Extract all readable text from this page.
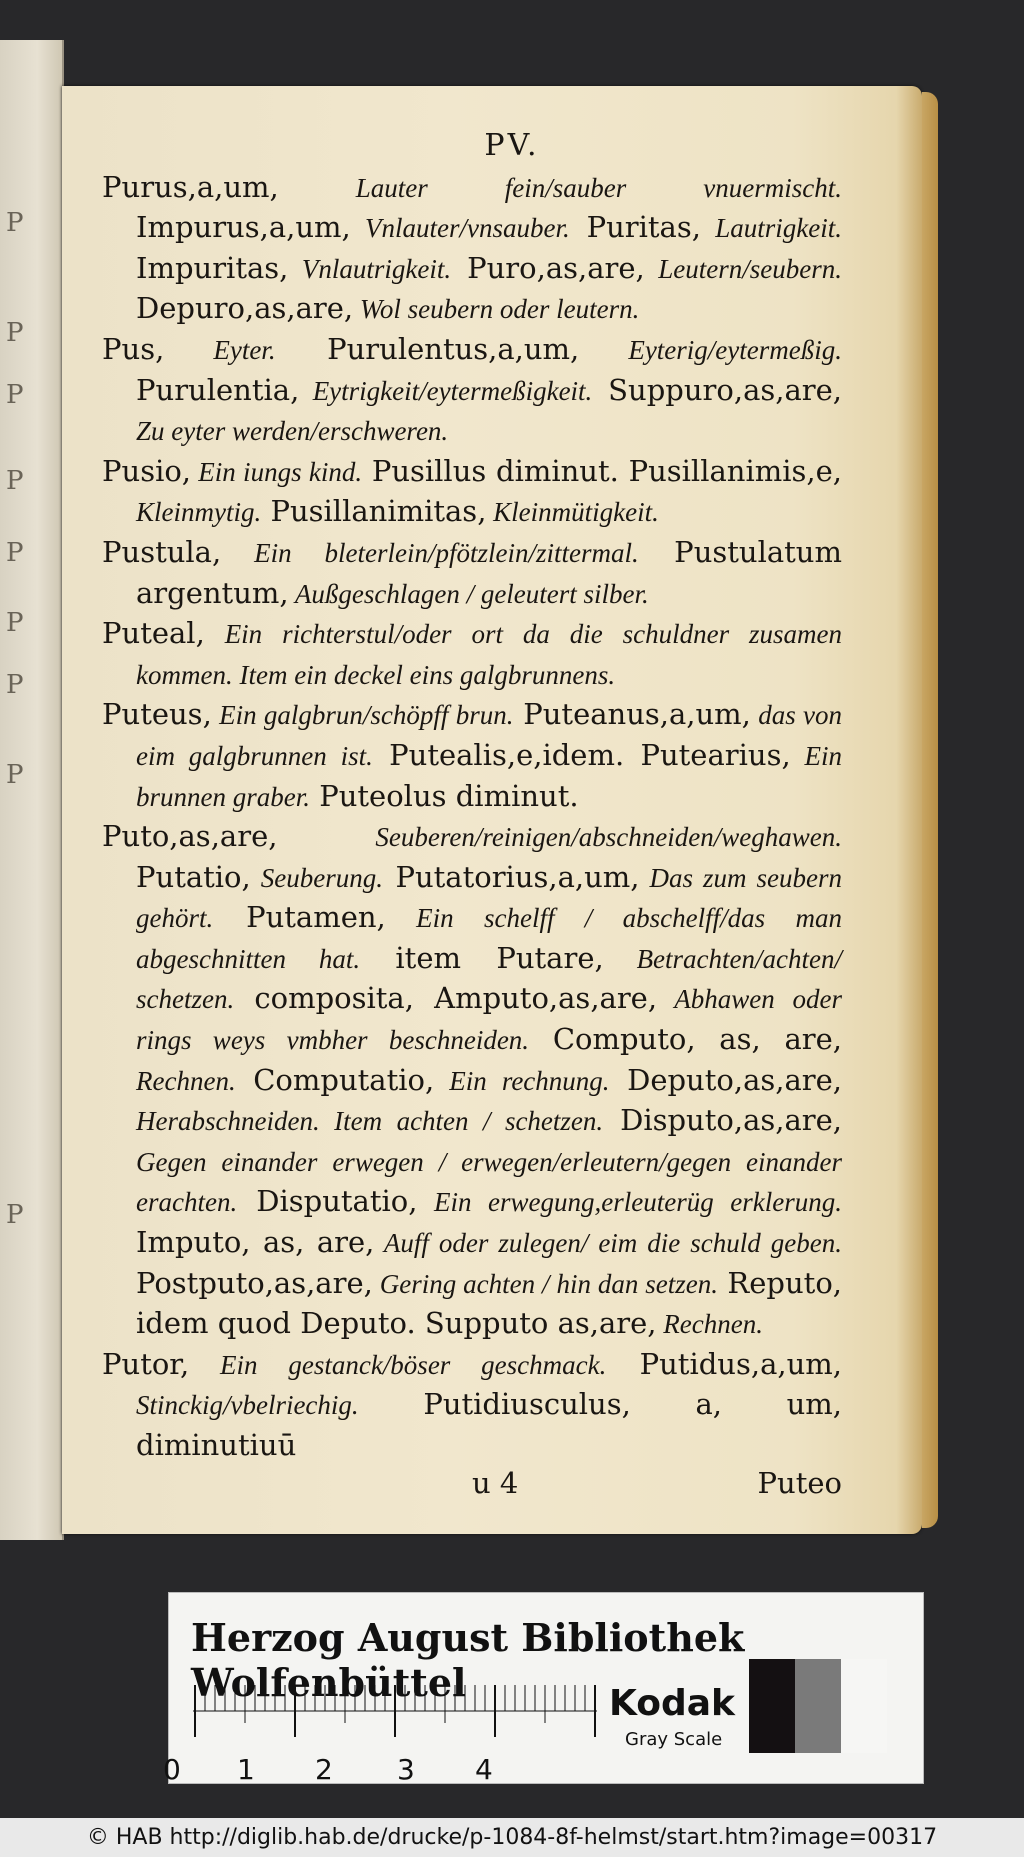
P
P
P
P
P
P
P
P
P
PV.

Purus,a,um, Lauter fein/sauber vnuermischt. Impurus,a,um, Vnlauter/vnsauber. Puritas, Lautrigkeit. Impuritas, Vnlautrigkeit. Puro,as,are, Leutern/seubern. Depuro,as,are, Wol seubern oder leutern.

Pus, Eyter. Purulentus,a,um, Eyterig/eytermeßig. Purulentia, Eytrigkeit/eytermeßigkeit. Suppuro,as,are, Zu eyter werden/erschweren.

Pusio, Ein iungs kind. Pusillus diminut. Pusillanimis,e, Kleinmytig. Pusillanimitas, Kleinmütigkeit.

Pustula, Ein bleterlein/pfötzlein/zittermal. Pustulatum argentum, Außgeschlagen / geleutert silber.

Puteal, Ein richterstul/oder ort da die schuldner zusamen kommen. Item ein deckel eins galgbrunnens.

Puteus, Ein galgbrun/schöpff brun. Puteanus,a,um, das von eim galgbrunnen ist. Putealis,e,idem. Putearius, Ein brunnen graber. Puteolus diminut.

Puto,as,are, Seuberen/reinigen/abschneiden/weghawen. Putatio, Seuberung. Putatorius,a,um, Das zum seubern gehört. Putamen, Ein schelff / abschelff/das man abgeschnitten hat. item Putare, Betrachten/achten/ schetzen. composita, Amputo,as,are, Abhawen oder rings weys vmbher beschneiden. Computo, as, are, Rechnen. Computatio, Ein rechnung. Deputo,as,are, Herabschneiden. Item achten / schetzen. Disputo,as,are, Gegen einander erwegen / erwegen/erleutern/gegen einander erachten. Disputatio, Ein erwegung,erleuterüg erklerung. Imputo, as, are, Auff oder zulegen/ eim die schuld geben. Postputo,as,are, Gering achten / hin dan setzen. Reputo, idem quod Deputo. Supputo as,are, Rechnen.

Putor, Ein gestanck/böser geschmack. Putidus,a,um, Stinckig/vbelriechig. Putidiusculus, a, um, diminutiuū

u 4	Puteo
Herzog August Bibliothek Wolfenbüttel
0 1 2 3 4
Kodak
Gray Scale
© HAB http://diglib.hab.de/drucke/p-1084-8f-helmst/start.htm?image=00317
